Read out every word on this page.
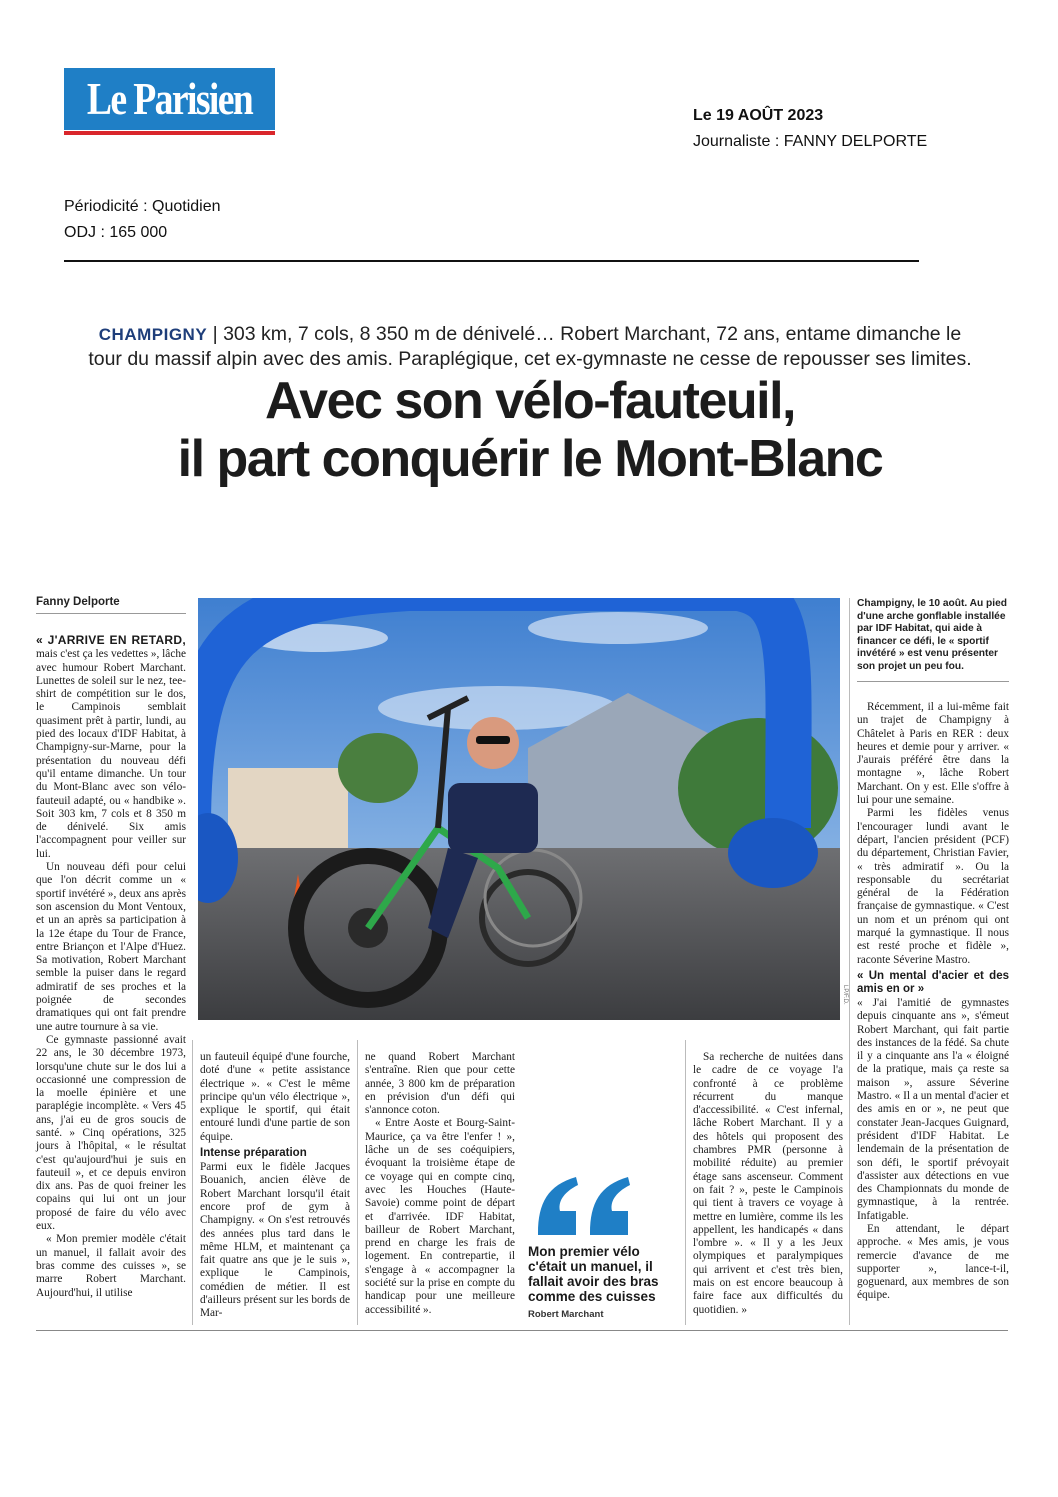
Le Parisien	Le 19 AOÛT 2023
Journaliste : FANNY DELPORTE
Périodicité : Quotidien
ODJ : 165 000
CHAMPIGNY | 303 km, 7 cols, 8 350 m de dénivelé… Robert Marchant, 72 ans, entame dimanche le tour du massif alpin avec des amis. Paraplégique, cet ex-gymnaste ne cesse de repousser ses limites.
Avec son vélo-fauteuil,
il part conquérir le Mont-Blanc
Fanny Delporte
LP/F.D.
Champigny, le 10 août. Au pied d'une arche gonflable installée par IDF Habitat, qui aide à financer ce défi, le « sportif invétéré » est venu présenter son projet un peu fou.

« J'ARRIVE EN RETARD, mais c'est ça les vedettes », lâche avec humour Robert Marchant. Lunettes de soleil sur le nez, tee-shirt de compétition sur le dos, le Campinois semblait quasiment prêt à partir, lundi, au pied des locaux d'IDF Habitat, à Champigny-sur-Marne, pour la présentation du nouveau défi qu'il entame dimanche. Un tour du Mont-Blanc avec son vélo-fauteuil adapté, ou « handbike ». Soit 303 km, 7 cols et 8 350 m de dénivelé. Six amis l'accompagnent pour veiller sur lui.

Un nouveau défi pour celui que l'on décrit comme un « sportif invétéré », deux ans après son ascension du Mont Ventoux, et un an après sa participation à la 12e étape du Tour de France, entre Briançon et l'Alpe d'Huez. Sa motivation, Robert Marchant semble la puiser dans le regard admiratif de ses proches et la poignée de secondes dramatiques qui ont fait prendre une autre tournure à sa vie.

Ce gymnaste passionné avait 22 ans, le 30 décembre 1973, lorsqu'une chute sur le dos lui a occasionné une compression de la moelle épinière et une paraplégie incomplète. « Vers 45 ans, j'ai eu de gros soucis de santé. » Cinq opérations, 325 jours à l'hôpital, « le résultat c'est qu'aujourd'hui je suis en fauteuil », et ce depuis environ dix ans. Pas de quoi freiner les copains qui lui ont un jour proposé de faire du vélo avec eux.

« Mon premier modèle c'était un manuel, il fallait avoir des bras comme des cuisses », se marre Robert Marchant. Aujourd'hui, il utilise

un fauteuil équipé d'une fourche, doté d'une « petite assistance électrique ». « C'est le même principe qu'un vélo électrique », explique le sportif, qui était entouré lundi d'une partie de son équipe.

Intense préparation

Parmi eux le fidèle Jacques Bouanich, ancien élève de Robert Marchant lorsqu'il était encore prof de gym à Champigny. « On s'est retrouvés des années plus tard dans le même HLM, et maintenant ça fait quatre ans que je le suis », explique le Campinois, comédien de métier. Il est d'ailleurs présent sur les bords de Mar-

ne quand Robert Marchant s'entraîne. Rien que pour cette année, 3 800 km de préparation en prévision d'un défi qui s'annonce coton.

« Entre Aoste et Bourg-Saint-Maurice, ça va être l'enfer ! », lâche un de ses coéquipiers, évoquant la troisième étape de ce voyage qui en compte cinq, avec les Houches (Haute-Savoie) comme point de départ et d'arrivée. IDF Habitat, bailleur de Robert Marchant, prend en charge les frais de logement. En contrepartie, il s'engage à « accompagner la société sur la prise en compte du handicap pour une meilleure accessibilité ».

Mon premier vélo c'était un manuel, il fallait avoir des bras comme des cuisses
Robert Marchant

Sa recherche de nuitées dans le cadre de ce voyage l'a confronté à ce problème récurrent du manque d'accessibilité. « C'est infernal, lâche Robert Marchant. Il y a des hôtels qui proposent des chambres PMR (personne à mobilité réduite) au premier étage sans ascenseur. Comment on fait ? », peste le Campinois qui tient à travers ce voyage à mettre en lumière, comme ils les appellent, les handicapés « dans l'ombre ». « Il y a les Jeux olympiques et paralympiques qui arrivent et c'est très bien, mais on est encore beaucoup à faire face aux difficultés du quotidien. »

Récemment, il a lui-même fait un trajet de Champigny à Châtelet à Paris en RER : deux heures et demie pour y arriver. « J'aurais préféré être dans la montagne », lâche Robert Marchant. On y est. Elle s'offre à lui pour une semaine.

Parmi les fidèles venus l'encourager lundi avant le départ, l'ancien président (PCF) du département, Christian Favier, « très admiratif ». Ou la responsable du secrétariat général de la Fédération française de gymnastique. « C'est un nom et un prénom qui ont marqué la gymnastique. Il nous est resté proche et fidèle », raconte Séverine Mastro.

« Un mental d'acier et des amis en or »

« J'ai l'amitié de gymnastes depuis cinquante ans », s'émeut Robert Marchant, qui fait partie des instances de la fédé. Sa chute il y a cinquante ans l'a « éloigné de la pratique, mais ça reste sa maison », assure Séverine Mastro. « Il a un mental d'acier et des amis en or », ne peut que constater Jean-Jacques Guignard, président d'IDF Habitat. Le lendemain de la présentation de son défi, le sportif prévoyait d'assister aux détections en vue des Championnats du monde de gymnastique, à la rentrée. Infatigable.

En attendant, le départ approche. « Mes amis, je vous remercie d'avance de me supporter », lance-t-il, goguenard, aux membres de son équipe.
